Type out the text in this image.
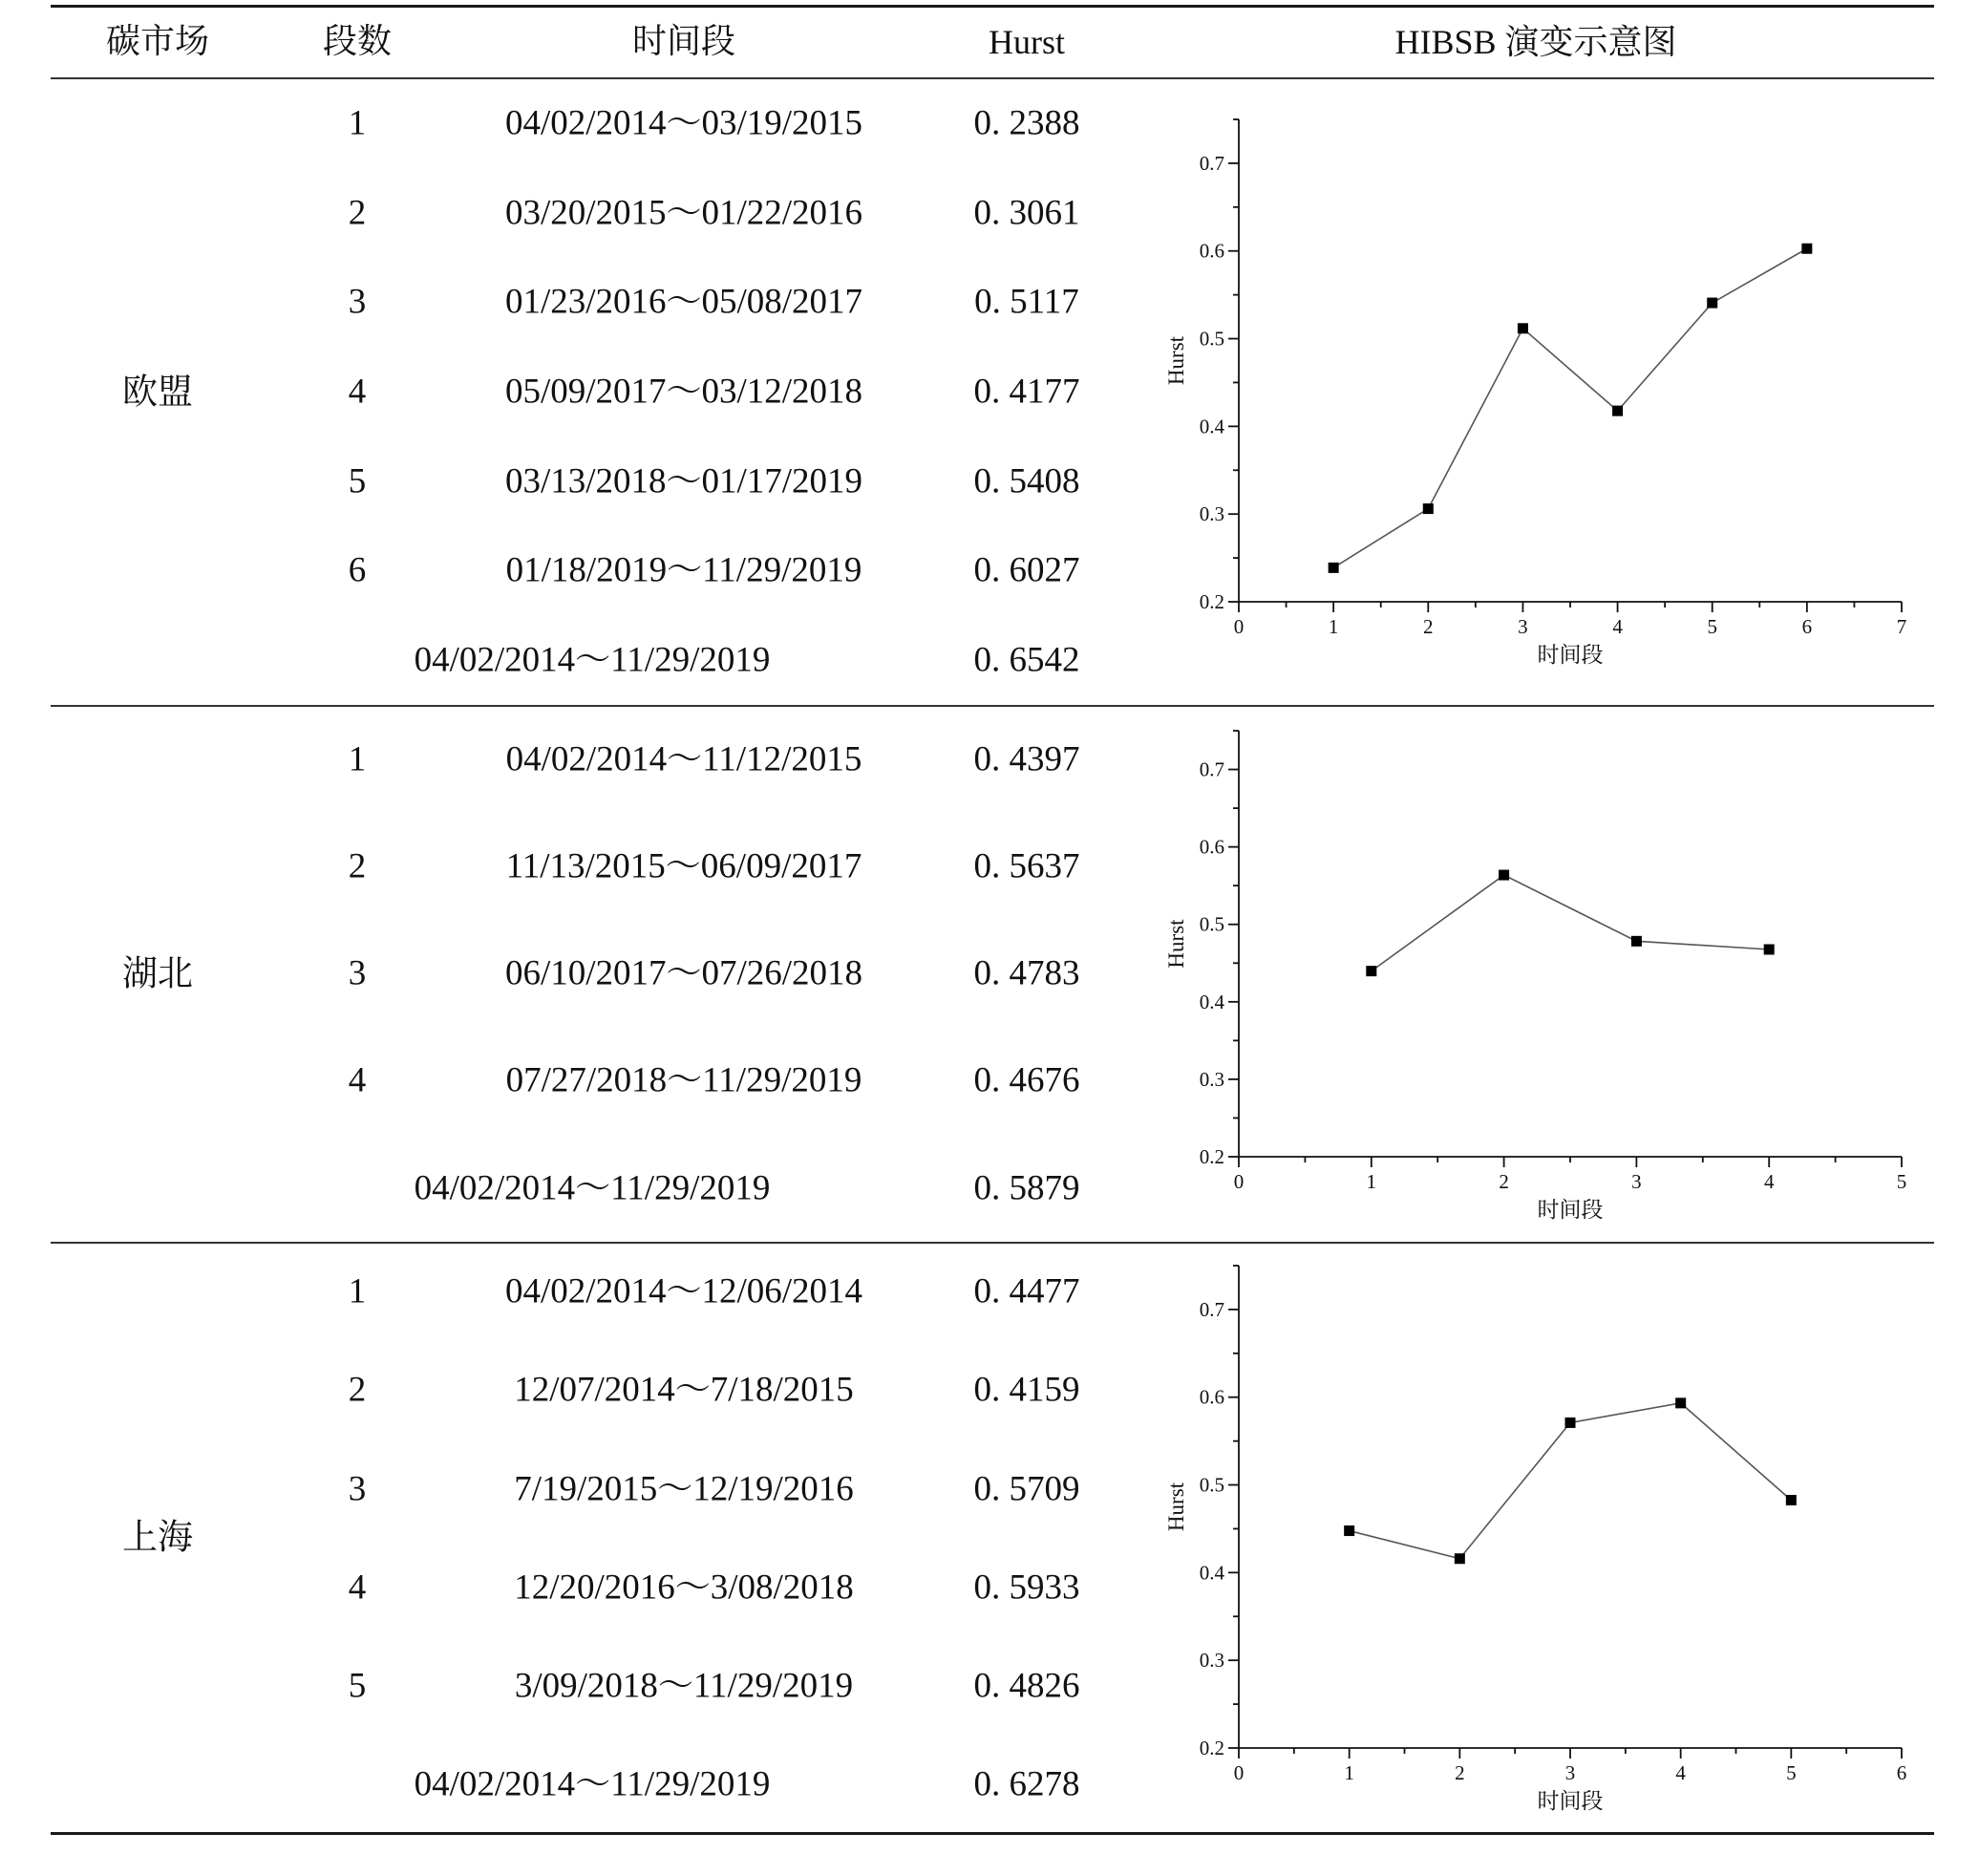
碳市场	段数	时间段	Hurst	HIBSB 演变示意图
欧盟
1	04/02/2014～03/19/2015	0. 2388
2	03/20/2015～01/22/2016	0. 3061
3	01/23/2016～05/08/2017	0. 5117
4	05/09/2017～03/12/2018	0. 4177
5	03/13/2018～01/17/2019	0. 5408
6	01/18/2019～11/29/2019	0. 6027
04/02/2014～11/29/2019	0. 6542
0.2
0.3
0.4
0.5
0.6
0.7
0	1	2	3	4	5	6	7
时间段
Hurst
湖北
1	04/02/2014～11/12/2015	0. 4397
2	11/13/2015～06/09/2017	0. 5637
3	06/10/2017～07/26/2018	0. 4783
4	07/27/2018～11/29/2019	0. 4676
04/02/2014～11/29/2019	0. 5879
0.2
0.3
0.4
0.5
0.6
0.7
0	1	2	3	4	5
时间段
Hurst
上海
1	04/02/2014～12/06/2014	0. 4477
2	12/07/2014～7/18/2015	0. 4159
3	7/19/2015～12/19/2016	0. 5709
4	12/20/2016～3/08/2018	0. 5933
5	3/09/2018～11/29/2019	0. 4826
04/02/2014～11/29/2019	0. 6278
0.2
0.3
0.4
0.5
0.6
0.7
0	1	2	3	4	5	6
时间段
Hurst
